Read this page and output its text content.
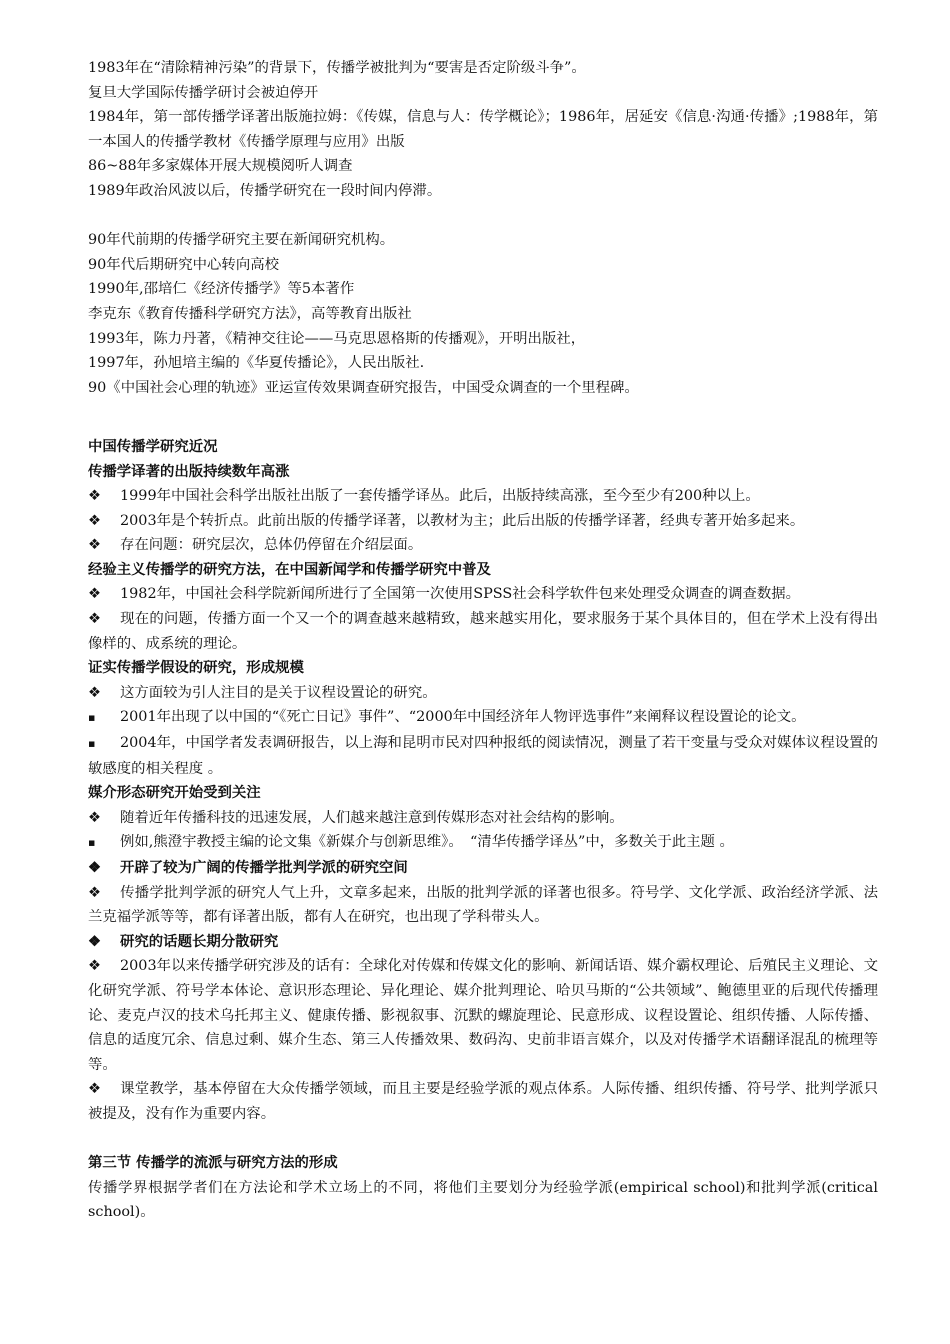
1983年在“清除精神污染”的背景下，传播学被批判为“要害是否定阶级斗争”。

复旦大学国际传播学研讨会被迫停开

1984年，第一部传播学译著出版施拉姆：《传媒，信息与人：传学概论》；1986年，居延安《信息·沟通·传播》;1988年，第一本国人的传播学教材《传播学原理与应用》出版

86~88年多家媒体开展大规模阅听人调查

1989年政治风波以后，传播学研究在一段时间内停滞。

90年代前期的传播学研究主要在新闻研究机构。

90年代后期研究中心转向高校

1990年,邵培仁《经济传播学》等5本著作

李克东《教育传播科学研究方法》，高等教育出版社

1993年，陈力丹著，《精神交往论——马克思恩格斯的传播观》，开明出版社，

1997年，孙旭培主编的《华夏传播论》，人民出版社.

90《中国社会心理的轨迹》亚运宣传效果调查研究报告，中国受众调查的一个里程碑。

中国传播学研究近况

传播学译著的出版持续数年高涨

❖ 1999年中国社会科学出版社出版了一套传播学译丛。此后，出版持续高涨，至今至少有200种以上。

❖ 2003年是个转折点。此前出版的传播学译著，以教材为主；此后出版的传播学译著，经典专著开始多起来。

❖ 存在问题：研究层次，总体仍停留在介绍层面。

经验主义传播学的研究方法，在中国新闻学和传播学研究中普及

❖ 1982年，中国社会科学院新闻所进行了全国第一次使用SPSS社会科学软件包来处理受众调查的调查数据。

❖ 现在的问题，传播方面一个又一个的调查越来越精致，越来越实用化，要求服务于某个具体目的，但在学术上没有得出像样的、成系统的理论。

证实传播学假设的研究，形成规模

❖ 这方面较为引人注目的是关于议程设置论的研究。

▪ 2001年出现了以中国的“《死亡日记》事件”、“2000年中国经济年人物评选事件”来阐释议程设置论的论文。

▪ 2004年，中国学者发表调研报告，以上海和昆明市民对四种报纸的阅读情况，测量了若干变量与受众对媒体议程设置的敏感度的相关程度 。

媒介形态研究开始受到关注

❖ 随着近年传播科技的迅速发展，人们越来越注意到传媒形态对社会结构的影响。

▪ 例如,熊澄宇教授主编的论文集《新媒介与创新思维》。　“清华传播学译丛”中，多数关于此主题 。

❖ 开辟了较为广阔的传播学批判学派的研究空间

❖ 传播学批判学派的研究人气上升，文章多起来，出版的批判学派的译著也很多。符号学、文化学派、政治经济学派、法兰克福学派等等，都有译著出版，都有人在研究，也出现了学科带头人。

❖ 研究的话题长期分散研究

❖ 2003年以来传播学研究涉及的话有：全球化对传媒和传媒文化的影响、新闻话语、媒介霸权理论、后殖民主义理论、文化研究学派、符号学本体论、意识形态理论、异化理论、媒介批判理论、哈贝马斯的“公共领域”、鲍德里亚的后现代传播理论、麦克卢汉的技术乌托邦主义、健康传播、影视叙事、沉默的螺旋理论、民意形成、议程设置论、组织传播、人际传播、信息的适度冗余、信息过剩、媒介生态、第三人传播效果、数码沟、史前非语言媒介，以及对传播学术语翻译混乱的梳理等等。

❖ 课堂教学，基本停留在大众传播学领域，而且主要是经验学派的观点体系。人际传播、组织传播、符号学、批判学派只被提及，没有作为重要内容。

第三节 传播学的流派与研究方法的形成

传播学界根据学者们在方法论和学术立场上的不同，将他们主要划分为经验学派(empirical school)和批判学派(critical school)。
